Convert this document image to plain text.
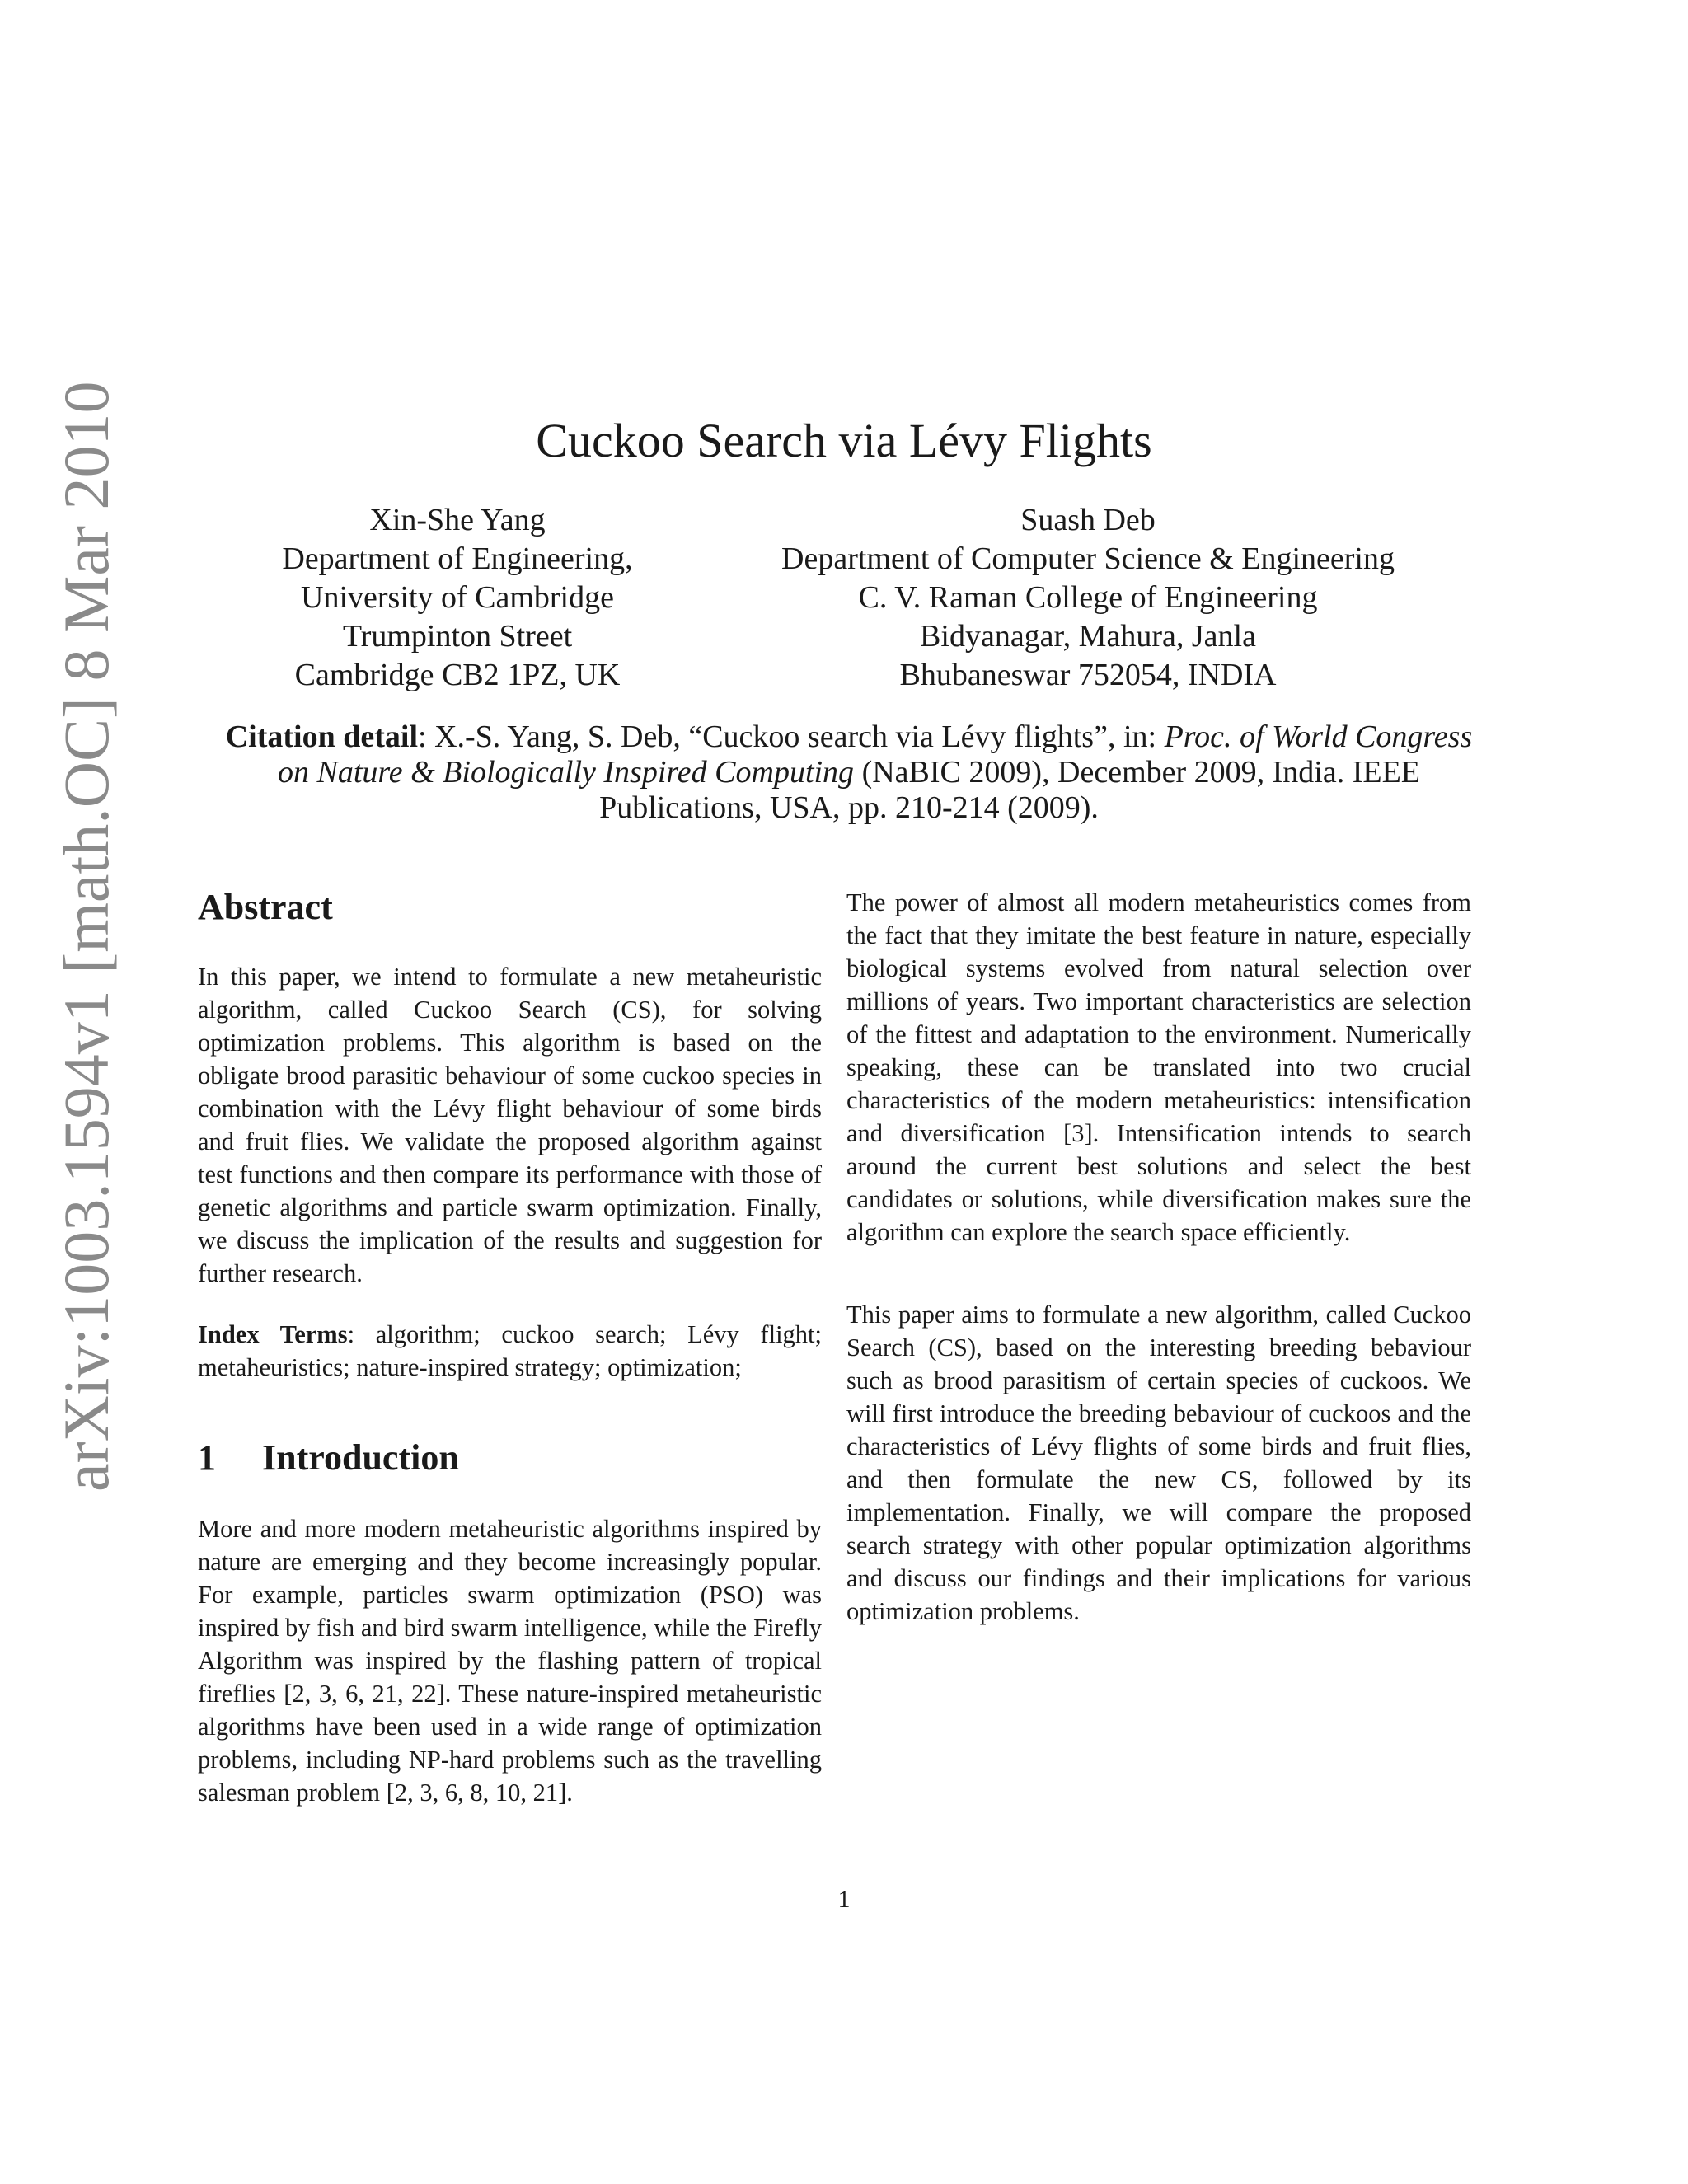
arXiv:1003.1594v1 [math.OC] 8 Mar 2010	Cuckoo Search via Lévy Flights
Xin-She Yang
Department of Engineering,
University of Cambridge
Trumpinton Street
Cambridge CB2 1PZ, UK
Suash Deb
Department of Computer Science & Engineering
C. V. Raman College of Engineering
Bidyanagar, Mahura, Janla
Bhubaneswar 752054, INDIA
Citation detail: X.-S. Yang, S. Deb, “Cuckoo search via Lévy flights”, in: Proc. of World Congress on Nature & Biologically Inspired Computing (NaBIC 2009), December 2009, India. IEEE Publications, USA, pp. 210-214 (2009).
Abstract

In this paper, we intend to formulate a new metaheuristic algorithm, called Cuckoo Search (CS), for solving optimization problems. This algorithm is based on the obligate brood parasitic behaviour of some cuckoo species in combination with the Lévy flight behaviour of some birds and fruit flies. We validate the proposed algorithm against test functions and then compare its performance with those of genetic algorithms and particle swarm optimization. Finally, we discuss the implication of the results and suggestion for further research.

Index Terms: algorithm; cuckoo search; Lévy flight; metaheuristics; nature-inspired strategy; optimization;

1 Introduction

More and more modern metaheuristic algorithms inspired by nature are emerging and they become increasingly popular. For example, particles swarm optimization (PSO) was inspired by fish and bird swarm intelligence, while the Firefly Algorithm was inspired by the flashing pattern of tropical fireflies [2, 3, 6, 21, 22]. These nature-inspired metaheuristic algorithms have been used in a wide range of optimization problems, including NP-hard problems such as the travelling salesman problem [2, 3, 6, 8, 10, 21].

The power of almost all modern metaheuristics comes from the fact that they imitate the best feature in nature, especially biological systems evolved from natural selection over millions of years. Two important characteristics are selection of the fittest and adaptation to the environment. Numerically speaking, these can be translated into two crucial characteristics of the modern metaheuristics: intensification and diversification [3]. Intensification intends to search around the current best solutions and select the best candidates or solutions, while diversification makes sure the algorithm can explore the search space efficiently.

This paper aims to formulate a new algorithm, called Cuckoo Search (CS), based on the interesting breeding bebaviour such as brood parasitism of certain species of cuckoos. We will first introduce the breeding bebaviour of cuckoos and the characteristics of Lévy flights of some birds and fruit flies, and then formulate the new CS, followed by its implementation. Finally, we will compare the proposed search strategy with other popular optimization algorithms and discuss our findings and their implications for various optimization problems.

1
